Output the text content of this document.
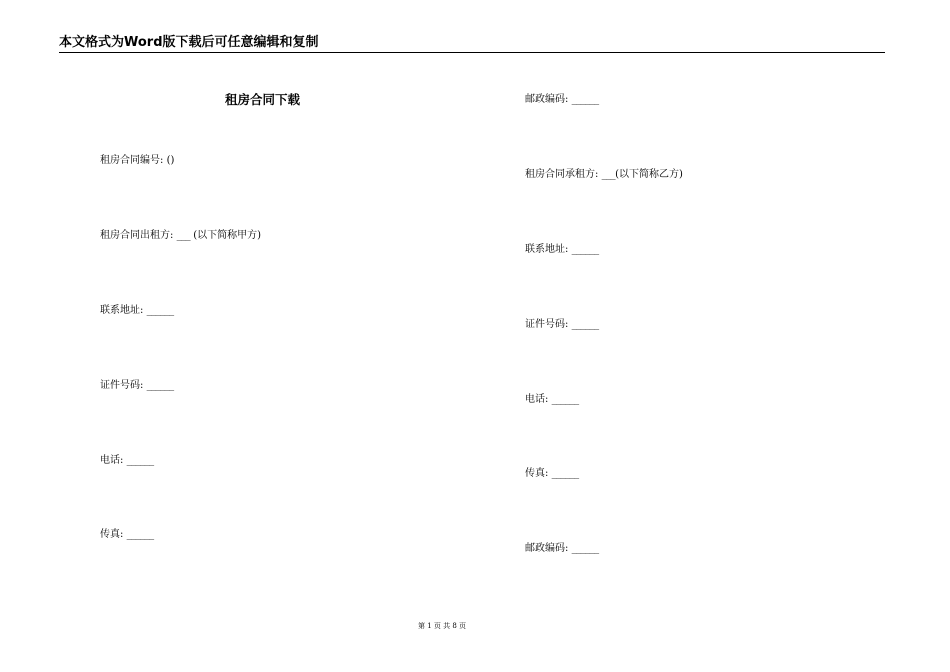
本文格式为Word版下载后可任意编辑和复制
租房合同下载
租房合同编号: ()
租房合同出租方: ___ (以下简称甲方)
联系地址: ______
证件号码: ______
电话: ______
传真: ______
邮政编码: ______
租房合同承租方: ___(以下简称乙方)
联系地址: ______
证件号码: ______
电话: ______
传真: ______
邮政编码: ______
第 1 页 共 8 页
